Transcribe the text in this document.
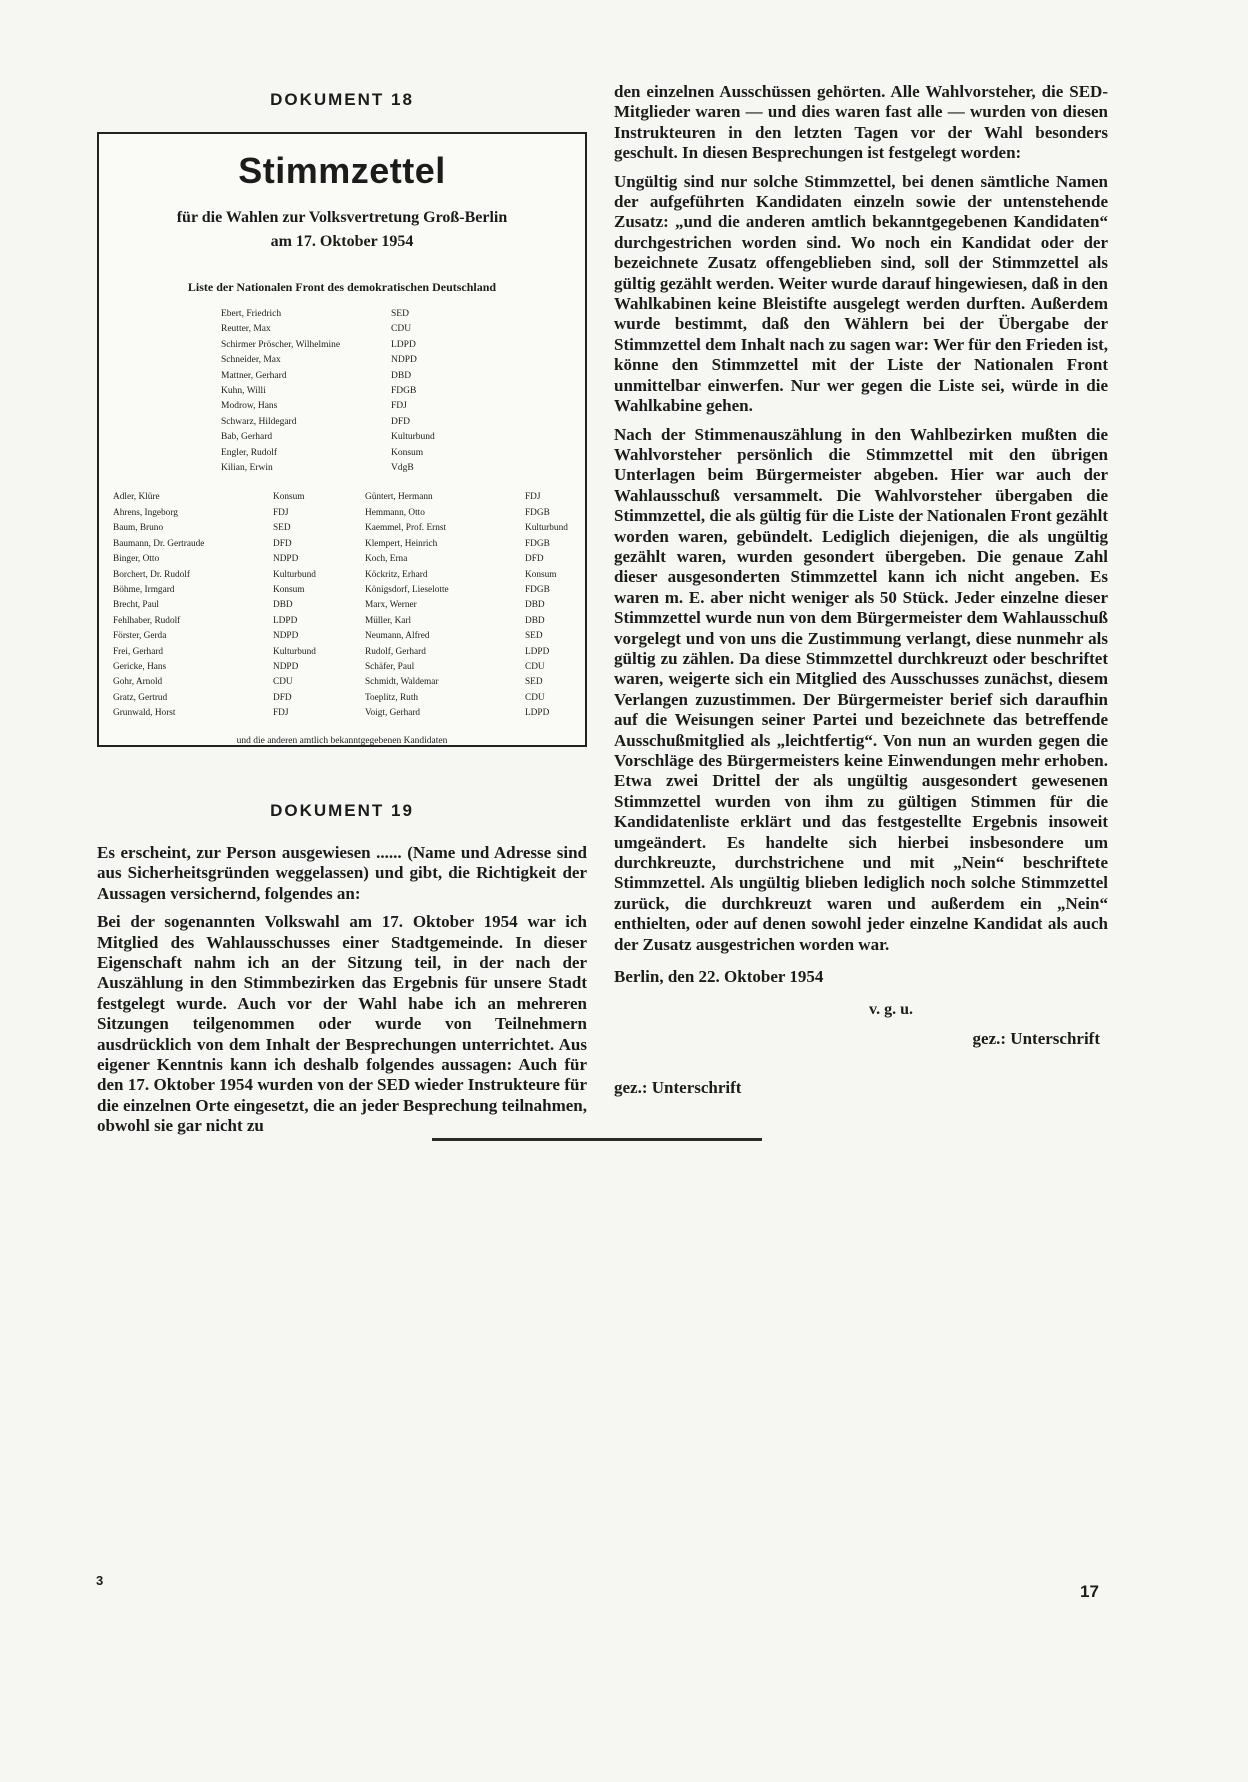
DOKUMENT 18
Stimmzettel
für die Wahlen zur Volksvertretung Groß-Berlin
am 17. Oktober 1954
Liste der Nationalen Front des demokratischen Deutschland
Ebert, Friedrich	SED
Reutter, Max	CDU
Schirmer Pröscher, Wilhelmine	LDPD
Schneider, Max	NDPD
Mattner, Gerhard	DBD
Kuhn, Willi	FDGB
Modrow, Hans	FDJ
Schwarz, Hildegard	DFD
Bab, Gerhard	Kulturbund
Engler, Rudolf	Konsum
Kilian, Erwin	VdgB
Adler, Klüre	Konsum	Güntert, Hermann	FDJ
Ahrens, Ingeborg	FDJ	Hemmann, Otto	FDGB
Baum, Bruno	SED	Kaemmel, Prof. Ernst	Kulturbund
Baumann, Dr. Gertraude	DFD	Klempert, Heinrich	FDGB
Binger, Otto	NDPD	Koch, Erna	DFD
Borchert, Dr. Rudolf	Kulturbund	Köckritz, Erhard	Konsum
Böhme, Irmgard	Konsum	Königsdorf, Lieselotte	FDGB
Brecht, Paul	DBD	Marx, Werner	DBD
Fehlhaber, Rudolf	LDPD	Müller, Karl	DBD
Förster, Gerda	NDPD	Neumann, Alfred	SED
Frei, Gerhard	Kulturbund	Rudolf, Gerhard	LDPD
Gericke, Hans	NDPD	Schäfer, Paul	CDU
Gohr, Arnold	CDU	Schmidt, Waldemar	SED
Gratz, Gertrud	DFD	Toeplitz, Ruth	CDU
Grunwald, Horst	FDJ	Voigt, Gerhard	LDPD
und die anderen amtlich bekanntgegebenen Kandidaten
DOKUMENT 19

Es erscheint, zur Person ausgewiesen ...... (Name und Adresse sind aus Sicherheitsgründen weggelassen) und gibt, die Richtigkeit der Aussagen versichernd, folgendes an:

Bei der sogenannten Volkswahl am 17. Oktober 1954 war ich Mitglied des Wahlausschusses einer Stadtgemeinde. In dieser Eigenschaft nahm ich an der Sitzung teil, in der nach der Auszählung in den Stimmbezirken das Ergebnis für unsere Stadt festgelegt wurde. Auch vor der Wahl habe ich an mehreren Sitzungen teilgenommen oder wurde von Teilnehmern ausdrücklich von dem Inhalt der Besprechungen unterrichtet. Aus eigener Kenntnis kann ich deshalb folgendes aussagen: Auch für den 17. Oktober 1954 wurden von der SED wieder Instrukteure für die einzelnen Orte eingesetzt, die an jeder Besprechung teilnahmen, obwohl sie gar nicht zu

den einzelnen Ausschüssen gehörten. Alle Wahlvorsteher, die SED-Mitglieder waren — und dies waren fast alle — wurden von diesen Instrukteuren in den letzten Tagen vor der Wahl besonders geschult. In diesen Besprechungen ist festgelegt worden:

Ungültig sind nur solche Stimmzettel, bei denen sämtliche Namen der aufgeführten Kandidaten einzeln sowie der untenstehende Zusatz: „und die anderen amtlich bekanntgegebenen Kandidaten“ durchgestrichen worden sind. Wo noch ein Kandidat oder der bezeichnete Zusatz offengeblieben sind, soll der Stimmzettel als gültig gezählt werden. Weiter wurde darauf hingewiesen, daß in den Wahlkabinen keine Bleistifte ausgelegt werden durften. Außerdem wurde bestimmt, daß den Wählern bei der Übergabe der Stimmzettel dem Inhalt nach zu sagen war: Wer für den Frieden ist, könne den Stimmzettel mit der Liste der Nationalen Front unmittelbar einwerfen. Nur wer gegen die Liste sei, würde in die Wahlkabine gehen.

Nach der Stimmenauszählung in den Wahlbezirken mußten die Wahlvorsteher persönlich die Stimmzettel mit den übrigen Unterlagen beim Bürgermeister abgeben. Hier war auch der Wahlausschuß versammelt. Die Wahlvorsteher übergaben die Stimmzettel, die als gültig für die Liste der Nationalen Front gezählt worden waren, gebündelt. Lediglich diejenigen, die als ungültig gezählt waren, wurden gesondert übergeben. Die genaue Zahl dieser ausgesonderten Stimmzettel kann ich nicht angeben. Es waren m. E. aber nicht weniger als 50 Stück. Jeder einzelne dieser Stimmzettel wurde nun von dem Bürgermeister dem Wahlausschuß vorgelegt und von uns die Zustimmung verlangt, diese nunmehr als gültig zu zählen. Da diese Stimmzettel durchkreuzt oder beschriftet waren, weigerte sich ein Mitglied des Ausschusses zunächst, diesem Verlangen zuzustimmen. Der Bürgermeister berief sich daraufhin auf die Weisungen seiner Partei und bezeichnete das betreffende Ausschußmitglied als „leichtfertig“. Von nun an wurden gegen die Vorschläge des Bürgermeisters keine Einwendungen mehr erhoben. Etwa zwei Drittel der als ungültig ausgesondert gewesenen Stimmzettel wurden von ihm zu gültigen Stimmen für die Kandidatenliste erklärt und das festgestellte Ergebnis insoweit umgeändert. Es handelte sich hierbei insbesondere um durchkreuzte, durchstrichene und mit „Nein“ beschriftete Stimmzettel. Als ungültig blieben lediglich noch solche Stimmzettel zurück, die durchkreuzt waren und außerdem ein „Nein“ enthielten, oder auf denen sowohl jeder einzelne Kandidat als auch der Zusatz ausgestrichen worden war.

Berlin, den 22. Oktober 1954

v. g. u.
gez.: Unterschrift
gez.: Unterschrift
3
17
